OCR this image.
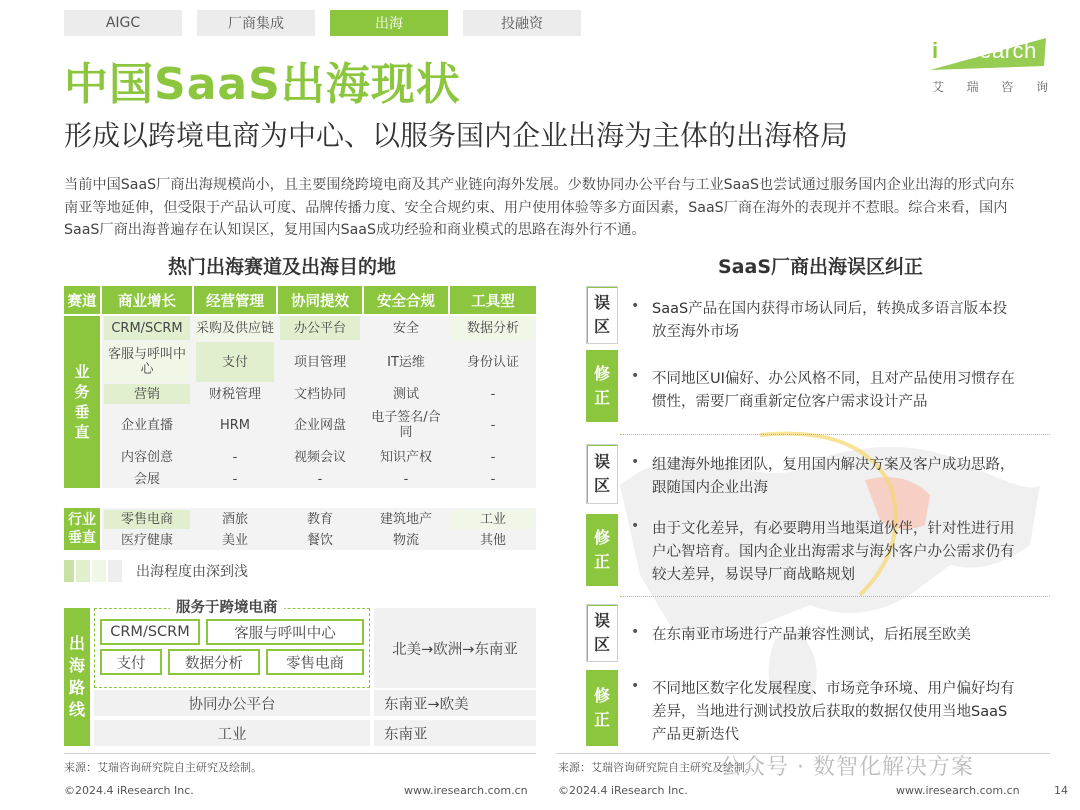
AIGC	厂商集成	出海	投融资
iResearch
艾 瑞 咨 询
中国SaaS出海现状
形成以跨境电商为中心、以服务国内企业出海为主体的出海格局
当前中国SaaS厂商出海规模尚小，且主要围绕跨境电商及其产业链向海外发展。少数协同办公平台与工业SaaS也尝试通过服务国内企业出海的形式向东南亚等地延伸，但受限于产品认可度、品牌传播力度、安全合规约束、用户使用体验等多方面因素，SaaS厂商在海外的表现并不惹眼。综合来看，国内SaaS厂商出海普遍存在认知误区，复用国内SaaS成功经验和商业模式的思路在海外行不通。
热门出海赛道及出海目的地
赛道	商业增长	经营管理	协同提效	安全合规	工具型
业
务
垂
直
CRM/SCRM	采购及供应链	办公平台	安全	数据分析
客服与呼叫中心	支付	项目管理	IT运维	身份认证
营销	财税管理	文档协同	测试	-
企业直播	HRM	企业网盘	电子签名/合同	-
内容创意	-	视频会议	知识产权	-
会展	-	-	-	-
行业
垂直
零售电商	酒旅	教育	建筑地产	工业
医疗健康	美业	餐饮	物流	其他
出海程度由深到浅
出
海
路
线
服务于跨境电商
CRM/SCRM	客服与呼叫中心
支付	数据分析	零售电商
北美→欧洲→东南亚
协同办公平台	东南亚→欧美
工业	东南亚
来源：艾瑞咨询研究院自主研究及绘制。
©2024.4 iResearch Inc.	www.iresearch.com.cn
SaaS厂商出海误区纠正
误
区
修
正
• SaaS产品在国内获得市场认同后，转换成多语言版本投放至海外市场
• 不同地区UI偏好、办公风格不同，且对产品使用习惯存在惯性，需要厂商重新定位客户需求设计产品
误
区
修
正
• 组建海外地推团队，复用国内解决方案及客户成功思路，跟随国内企业出海
• 由于文化差异，有必要聘用当地渠道伙伴，针对性进行用户心智培育。国内企业出海需求与海外客户办公需求仍有较大差异，易误导厂商战略规划
误
区
修
正
• 在东南亚市场进行产品兼容性测试，后拓展至欧美
• 不同地区数字化发展程度、市场竞争环境、用户偏好均有差异，当地进行测试投放后获取的数据仅使用当地SaaS产品更新迭代
来源：艾瑞咨询研究院自主研究及绘制。
©2024.4 iResearch Inc.	www.iresearch.com.cn	14
公众号 · 数智化解决方案
